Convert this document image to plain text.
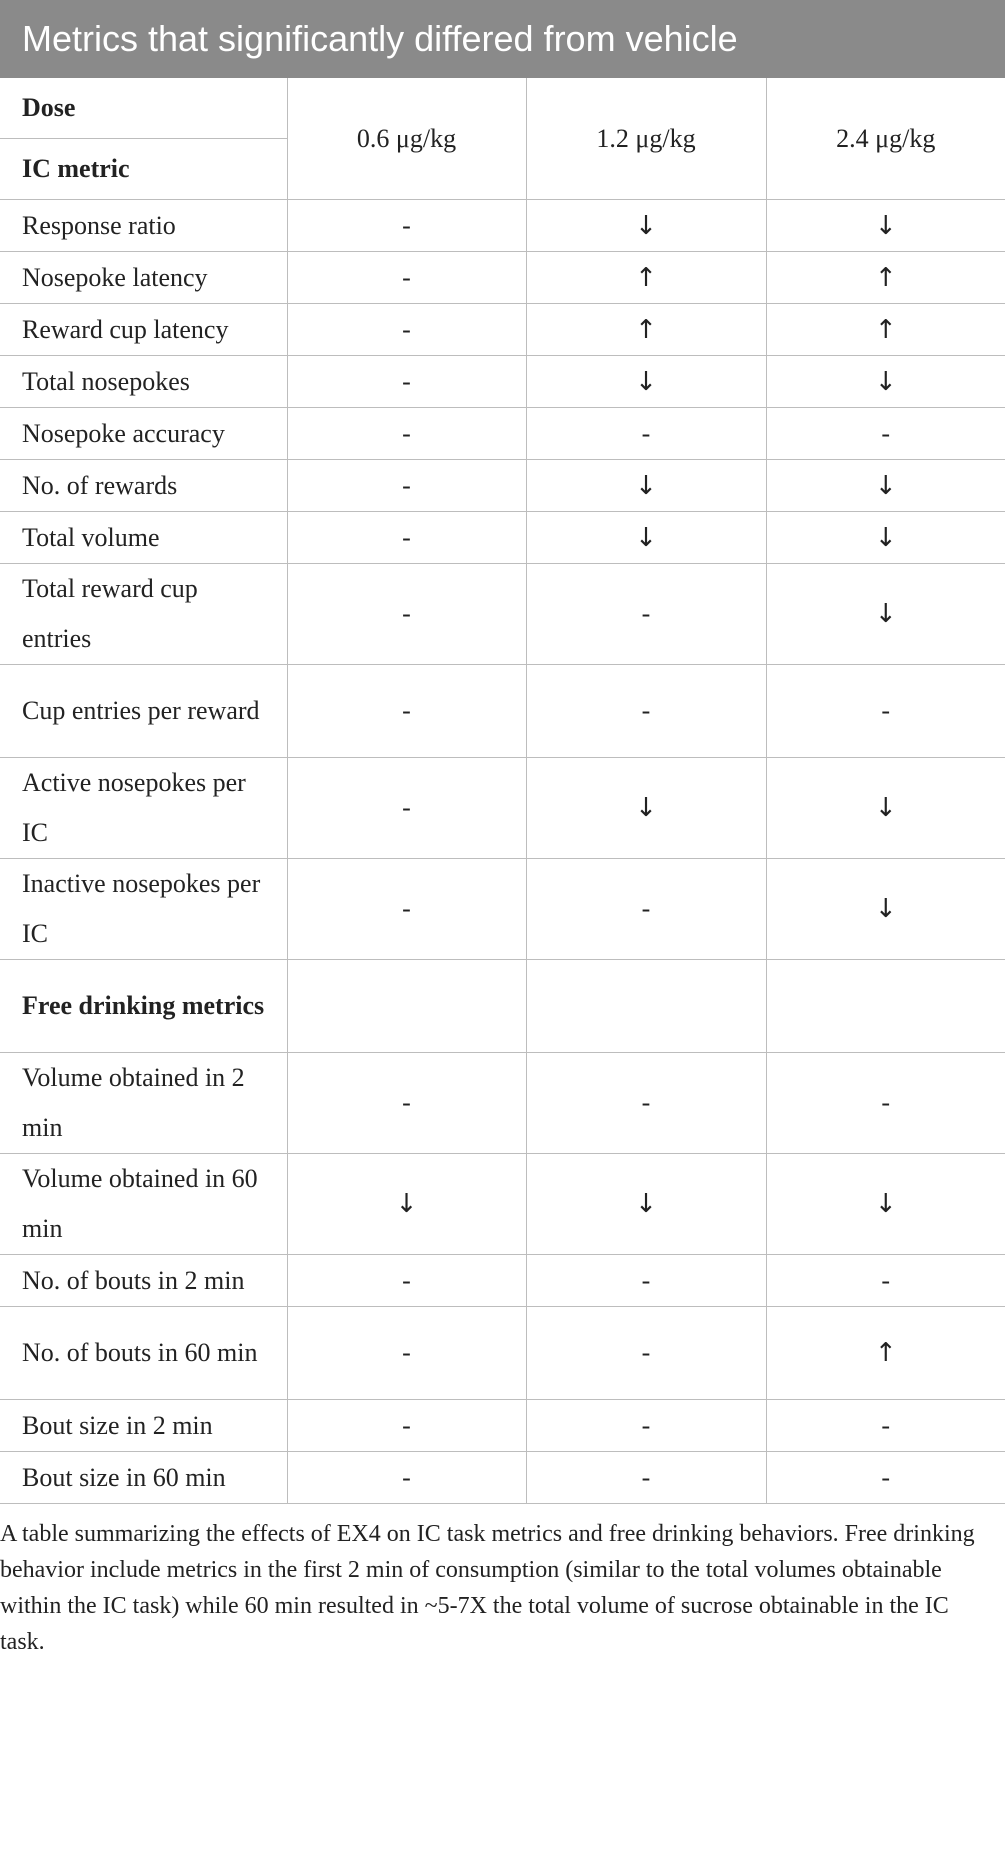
Metrics that significantly differed from vehicle
Dose
IC metric	0.6 μg/kg	1.2 μg/kg	2.4 μg/kg
Response ratio	-	↓	↓
Nosepoke latency	-	↑	↑
Reward cup latency	-	↑	↑
Total nosepokes	-	↓	↓
Nosepoke accuracy	-	-	-
No. of rewards	-	↓	↓
Total volume	-	↓	↓
Total reward cup entries	-	-	↓
Cup entries per reward	-	-	-
Active nosepokes per IC	-	↓	↓
Inactive nosepokes per IC	-	-	↓
Free drinking metrics			
Volume obtained in 2 min	-	-	-
Volume obtained in 60 min	↓	↓	↓
No. of bouts in 2 min	-	-	-
No. of bouts in 60 min	-	-	↑
Bout size in 2 min	-	-	-
Bout size in 60 min	-	-	-
A table summarizing the effects of EX4 on IC task metrics and free drinking behaviors. Free drinking behavior include metrics in the first 2 min of consumption (similar to the total volumes obtainable within the IC task) while 60 min resulted in ~5-7X the total volume of sucrose obtainable in the IC task.
